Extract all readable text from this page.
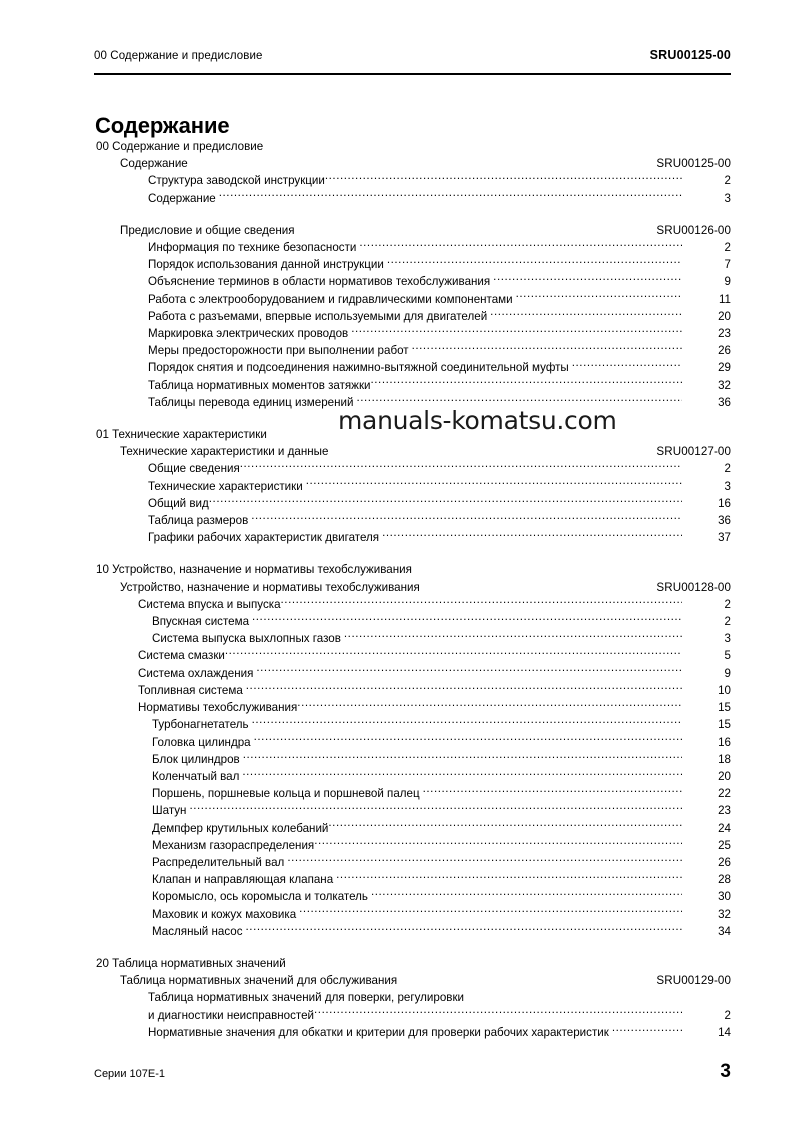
00 Содержание и предисловие	SRU00125-00
Содержание
00 Содержание и предисловие
Содержание	SRU00125-00
Структура заводской инструкции .....	2
Содержание .....	3
Предисловие и общие сведения	SRU00126-00
Информация по технике безопасности .....	2
Порядок использования данной инструкции .....	7
Объяснение терминов в области нормативов техобслуживания .....	9
Работа с электрооборудованием и гидравлическими компонентами .....	11
Работа с разъемами, впервые используемыми для двигателей .....	20
Маркировка электрических проводов .....	23
Меры предосторожности при выполнении работ .....	26
Порядок снятия и подсоединения нажимно-вытяжной соединительной муфты .....	29
Таблица нормативных моментов затяжки .....	32
Таблицы перевода единиц измерений .....	36
01 Технические характеристики
Технические характеристики и данные	SRU00127-00
Общие сведения .....	2
Технические характеристики .....	3
Общий вид .....	16
Таблица размеров .....	36
Графики рабочих характеристик двигателя .....	37
10 Устройство, назначение и нормативы техобслуживания
Устройство, назначение и нормативы техобслуживания	SRU00128-00
Система впуска и выпуска .....	2
Впускная система .....	2
Система выпуска выхлопных газов .....	3
Система смазки .....	5
Система охлаждения .....	9
Топливная система .....	10
Нормативы техобслуживания .....	15
Турбонагнетатель .....	15
Головка цилиндра .....	16
Блок цилиндров .....	18
Коленчатый вал .....	20
Поршень, поршневые кольца и поршневой палец .....	22
Шатун .....	23
Демпфер крутильных колебаний .....	24
Механизм газораспределения .....	25
Распределительный вал .....	26
Клапан и направляющая клапана .....	28
Коромысло, ось коромысла и толкатель .....	30
Маховик и кожух маховика .....	32
Масляный насос .....	34
20 Таблица нормативных значений
Таблица нормативных значений для обслуживания	SRU00129-00
Таблица нормативных значений для поверки, регулировки
и диагностики неисправностей .....	2
Нормативные значения для обкатки и критерии для проверки рабочих характеристик .....	14
manuals-komatsu.com
Серии 107E-1	3
